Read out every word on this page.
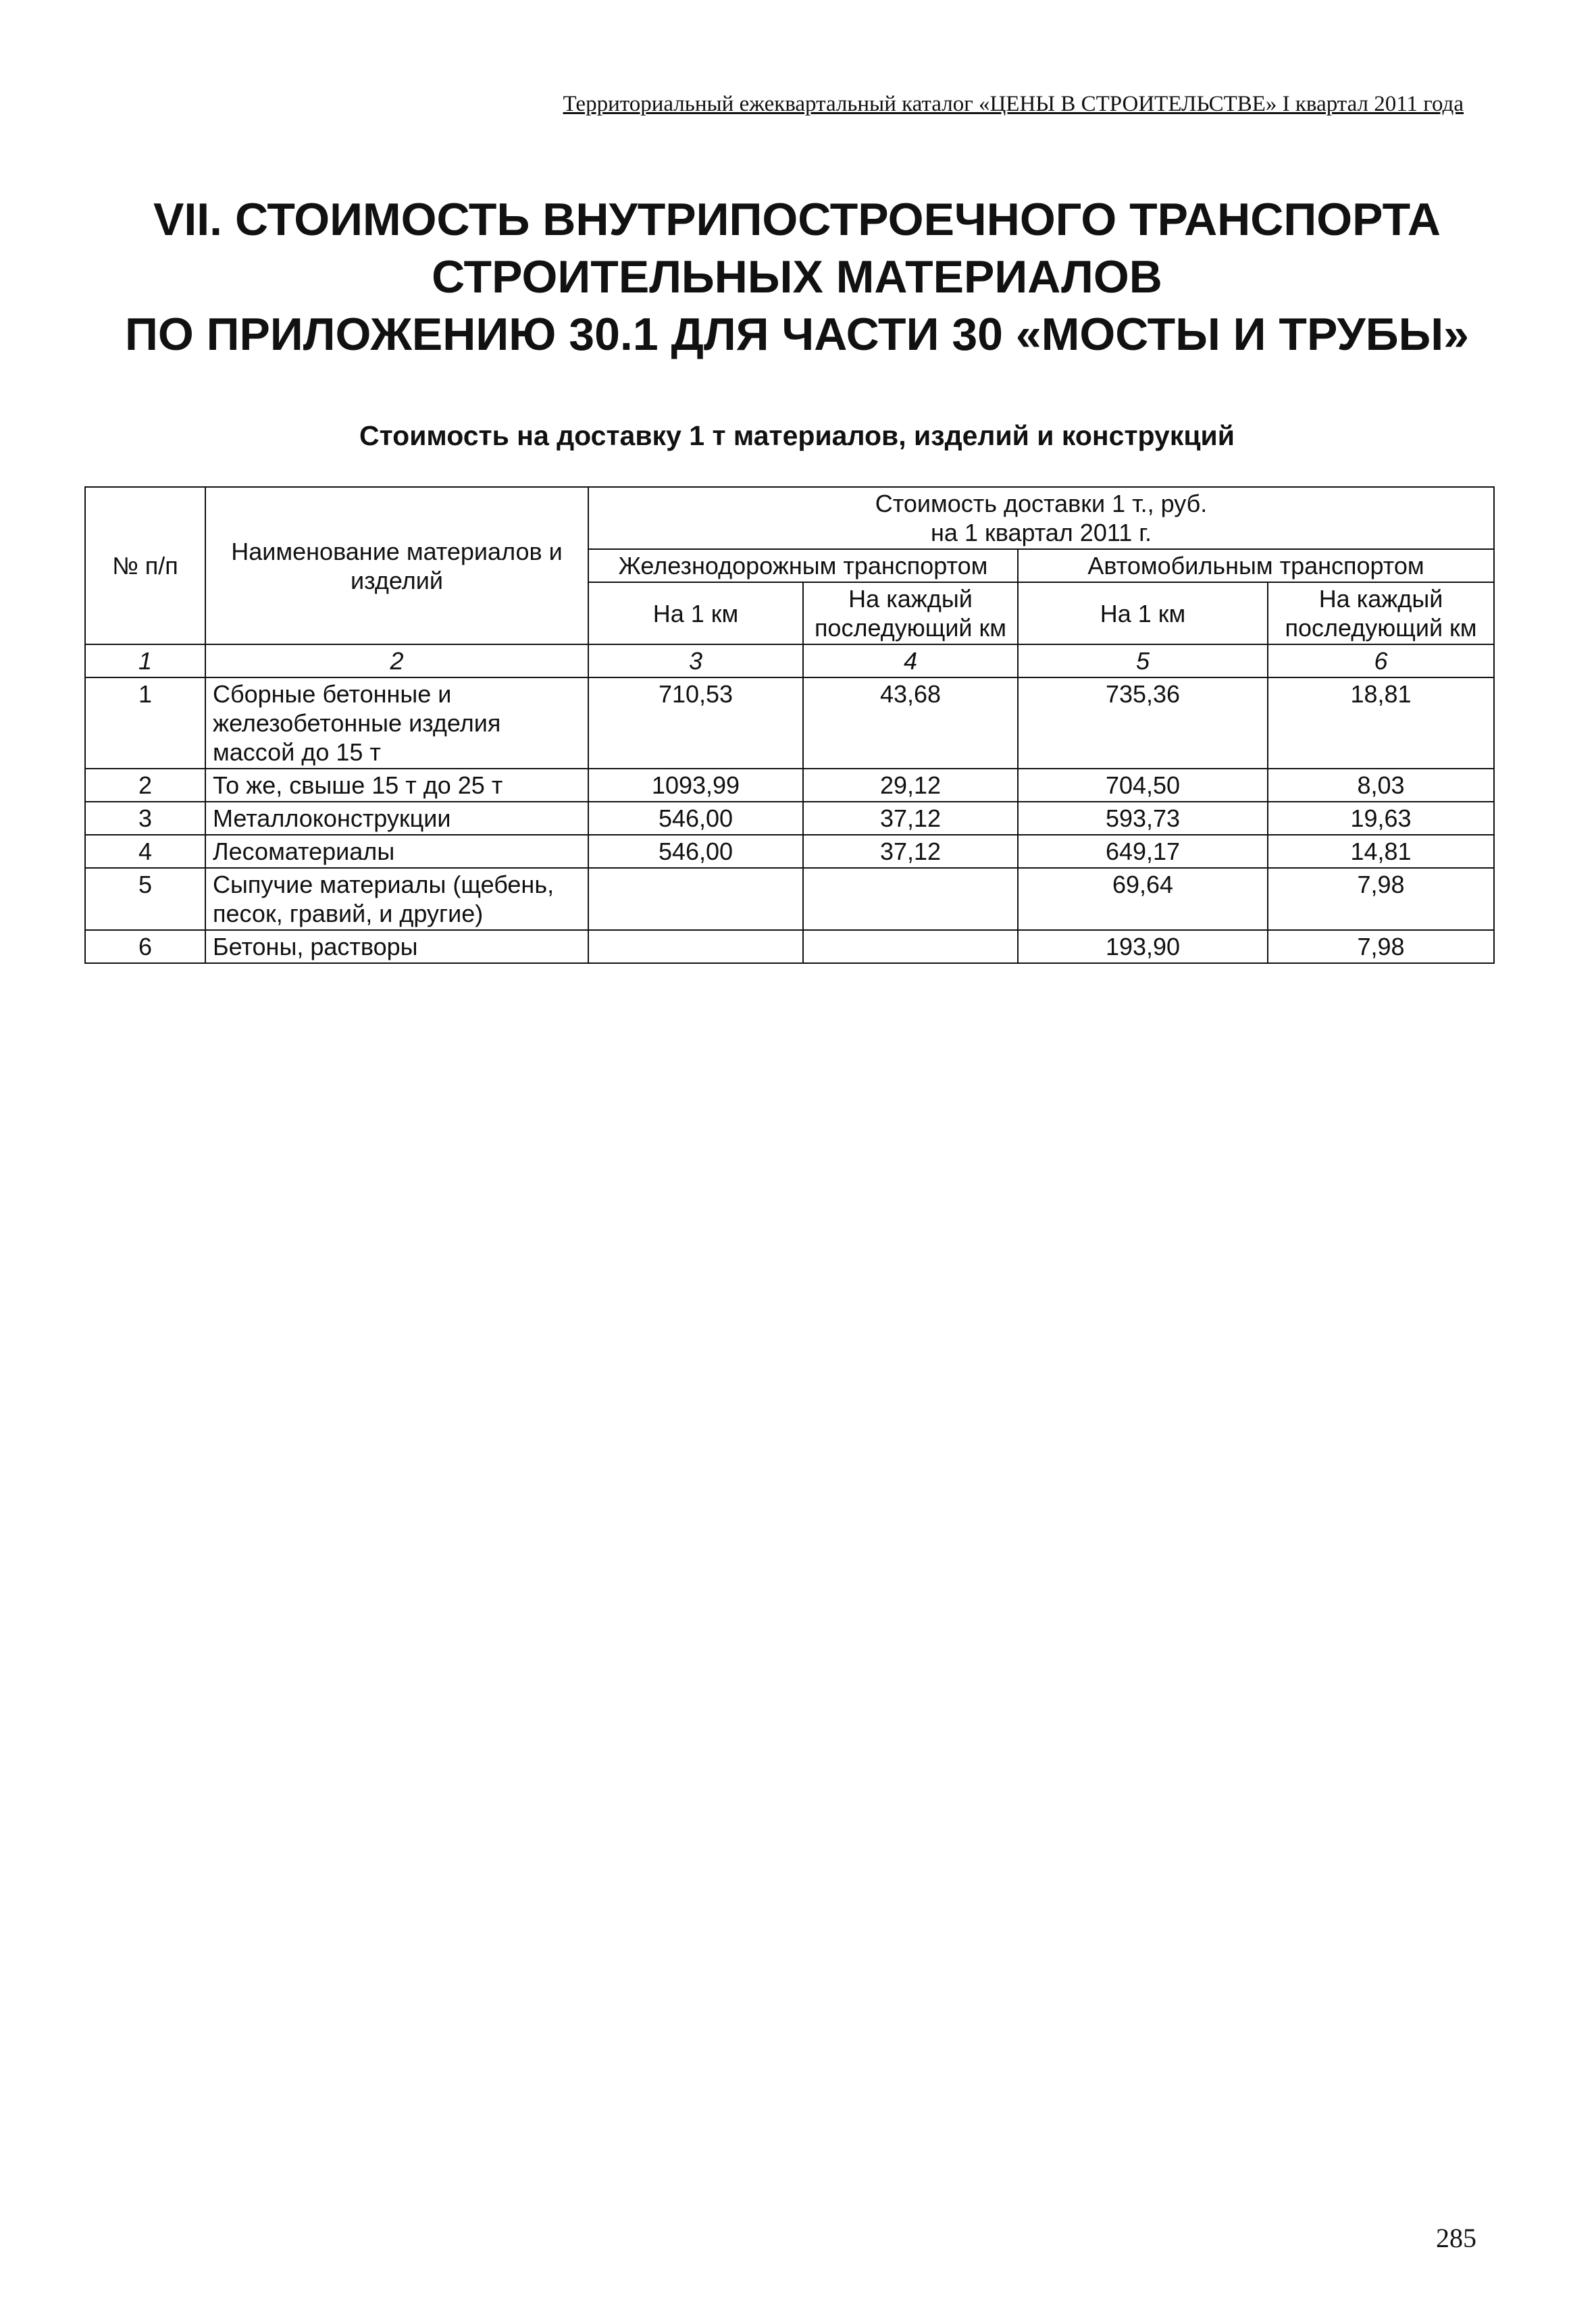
Территориальный ежеквартальный каталог «ЦЕНЫ В СТРОИТЕЛЬСТВЕ» I квартал 2011 года
VII. СТОИМОСТЬ ВНУТРИПОСТРОЕЧНОГО ТРАНСПОРТА
СТРОИТЕЛЬНЫХ МАТЕРИАЛОВ
ПО ПРИЛОЖЕНИЮ 30.1 ДЛЯ ЧАСТИ 30 «МОСТЫ И ТРУБЫ»
Стоимость на доставку 1 т материалов, изделий и конструкций
№ п/п	Наименование материалов и изделий	Стоимость доставки 1 т., руб.
на 1 квартал 2011 г.			

		Железнодорожным транспортом		Автомобильным транспортом	
		На 1 км	На каждый последующий км	На 1 км	На каждый последующий км
1	2	3	4	5	6
1	Сборные бетонные и железобетонные изделия массой до 15 т	710,53	43,68	735,36	18,81
2	То же, свыше 15 т до 25 т	1093,99	29,12	704,50	8,03
3	Металлоконструкции	546,00	37,12	593,73	19,63
4	Лесоматериалы	546,00	37,12	649,17	14,81
5	Сыпучие материалы (щебень, песок, гравий, и другие)			69,64	7,98
6	Бетоны, растворы			193,90	7,98
285
